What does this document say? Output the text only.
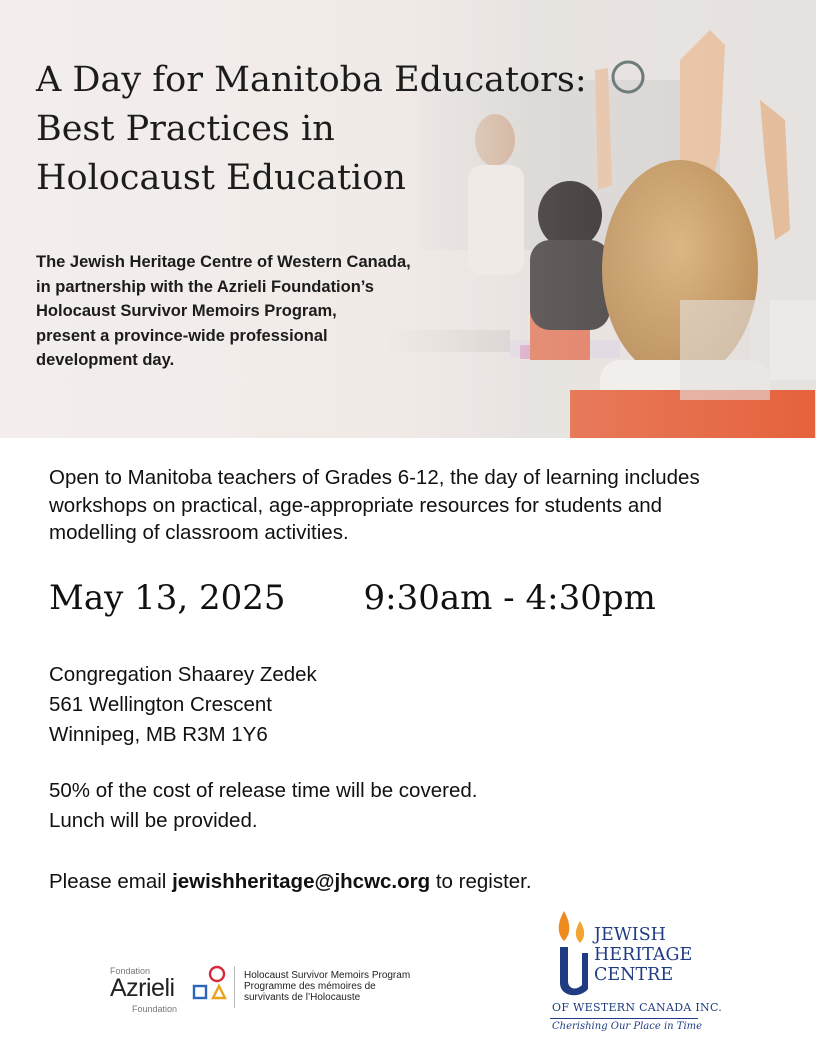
A Day for Manitoba Educators:
Best Practices in
Holocaust Education
The Jewish Heritage Centre of Western Canada,
in partnership with the Azrieli Foundation’s
Holocaust Survivor Memoirs Program,
present a province-wide professional
development day.
Open to Manitoba teachers of Grades 6-12, the day of learning includes
workshops on practical, age-appropriate resources for students and
modelling of classroom activities.
May 13, 2025 9:30am - 4:30pm
Congregation Shaarey Zedek
561 Wellington Crescent
Winnipeg, MB R3M 1Y6
50% of the cost of release time will be covered.
Lunch will be provided.
Please email jewishheritage@jhcwc.org to register.
Fondation
Azrieli
Foundation
Holocaust Survivor Memoirs Program
Programme des mémoires de
survivants de l’Holocauste
JEWISH
HERITAGE
CENTRE
OF WESTERN CANADA INC.
Cherishing Our Place in Time
